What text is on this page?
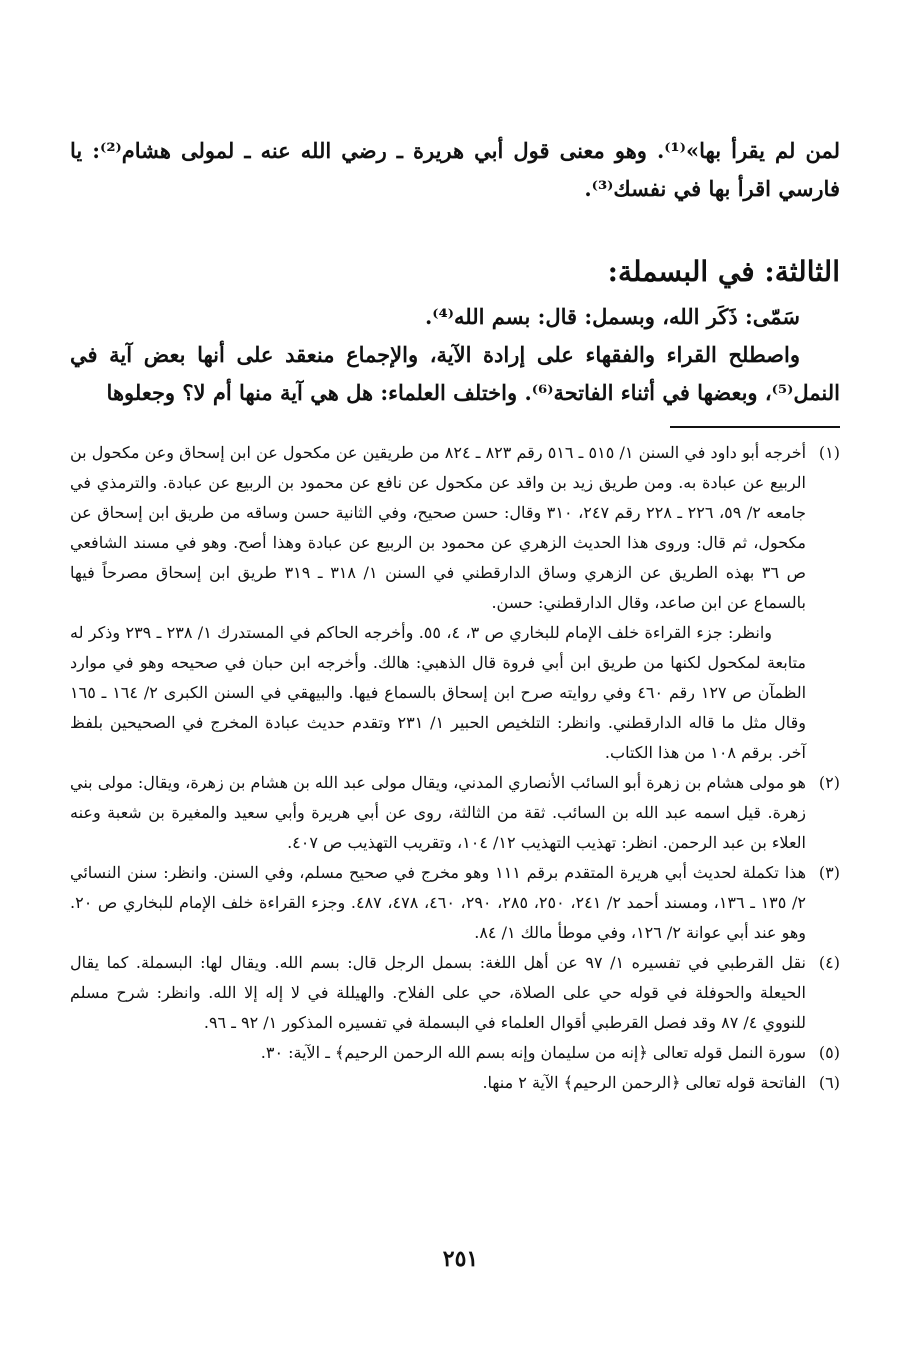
لمن لم يقرأ بها»⁽¹⁾. وهو معنى قول أبي هريرة ـ رضي الله عنه ـ لمولى هشام⁽²⁾: يا فارسي اقرأ بها في نفسك⁽³⁾.

الثالثة: في البسملة:

سَمّى: ذَكَر الله، وبسمل: قال: بسم الله⁽⁴⁾.

واصطلح القراء والفقهاء على إرادة الآية، والإجماع منعقد على أنها بعض آية في النمل⁽⁵⁾، وبعضها في أثناء الفاتحة⁽⁶⁾. واختلف العلماء: هل هي آية منها أم لا؟ وجعلوها

(١)

أخرجه أبو داود في السنن ١/ ٥١٥ ـ ٥١٦ رقم ٨٢٣ ـ ٨٢٤ من طريقين عن مكحول عن ابن إسحاق وعن مكحول بن الربيع عن عبادة به. ومن طريق زيد بن واقد عن مكحول عن نافع عن محمود بن الربيع عن عبادة. والترمذي في جامعه ٢/ ٥٩، ٢٢٦ ـ ٢٢٨ رقم ٢٤٧، ٣١٠ وقال: حسن صحيح، وفي الثانية حسن وساقه من طريق ابن إسحاق عن مكحول، ثم قال: وروى هذا الحديث الزهري عن محمود بن الربيع عن عبادة وهذا أصح. وهو في مسند الشافعي ص ٣٦ بهذه الطريق عن الزهري وساق الدارقطني في السنن ١/ ٣١٨ ـ ٣١٩ طريق ابن إسحاق مصرحاً فيها بالسماع عن ابن صاعد، وقال الدارقطني: حسن.

وانظر: جزء القراءة خلف الإمام للبخاري ص ٣، ٤، ٥٥. وأخرجه الحاكم في المستدرك ١/ ٢٣٨ ـ ٢٣٩ وذكر له متابعة لمكحول لكنها من طريق ابن أبي فروة قال الذهبي: هالك. وأخرجه ابن حبان في صحيحه وهو في موارد الظمآن ص ١٢٧ رقم ٤٦٠ وفي روايته صرح ابن إسحاق بالسماع فيها. والبيهقي في السنن الكبرى ٢/ ١٦٤ ـ ١٦٥ وقال مثل ما قاله الدارقطني. وانظر: التلخيص الحبير ١/ ٢٣١ وتقدم حديث عبادة المخرج في الصحيحين بلفظ آخر. برقم ١٠٨ من هذا الكتاب.

(٢)

هو مولى هشام بن زهرة أبو السائب الأنصاري المدني، ويقال مولى عبد الله بن هشام بن زهرة، ويقال: مولى بني زهرة. قيل اسمه عبد الله بن السائب. ثقة من الثالثة، روى عن أبي هريرة وأبي سعيد والمغيرة بن شعبة وعنه العلاء بن عبد الرحمن. انظر: تهذيب التهذيب ١٢/ ١٠٤، وتقريب التهذيب ص ٤٠٧.

(٣)

هذا تكملة لحديث أبي هريرة المتقدم برقم ١١١ وهو مخرج في صحيح مسلم، وفي السنن. وانظر: سنن النسائي ٢/ ١٣٥ ـ ١٣٦، ومسند أحمد ٢/ ٢٤١، ٢٥٠، ٢٨٥، ٢٩٠، ٤٦٠، ٤٧٨، ٤٨٧. وجزء القراءة خلف الإمام للبخاري ص ٢٠. وهو عند أبي عوانة ٢/ ١٢٦، وفي موطأ مالك ١/ ٨٤.

(٤)

نقل القرطبي في تفسيره ١/ ٩٧ عن أهل اللغة: بسمل الرجل قال: بسم الله. ويقال لها: البسملة. كما يقال الحيعلة والحوفلة في قوله حي على الصلاة، حي على الفلاح. والهيللة في لا إله إلا الله. وانظر: شرح مسلم للنووي ٤/ ٨٧ وقد فصل القرطبي أقوال العلماء في البسملة في تفسيره المذكور ١/ ٩٢ ـ ٩٦.

(٥)

سورة النمل قوله تعالى ﴿إنه من سليمان وإنه بسم الله الرحمن الرحيم﴾ ـ الآية: ٣٠.

(٦)

الفاتحة قوله تعالى ﴿الرحمن الرحيم﴾ الآية ٢ منها.

٢٥١
